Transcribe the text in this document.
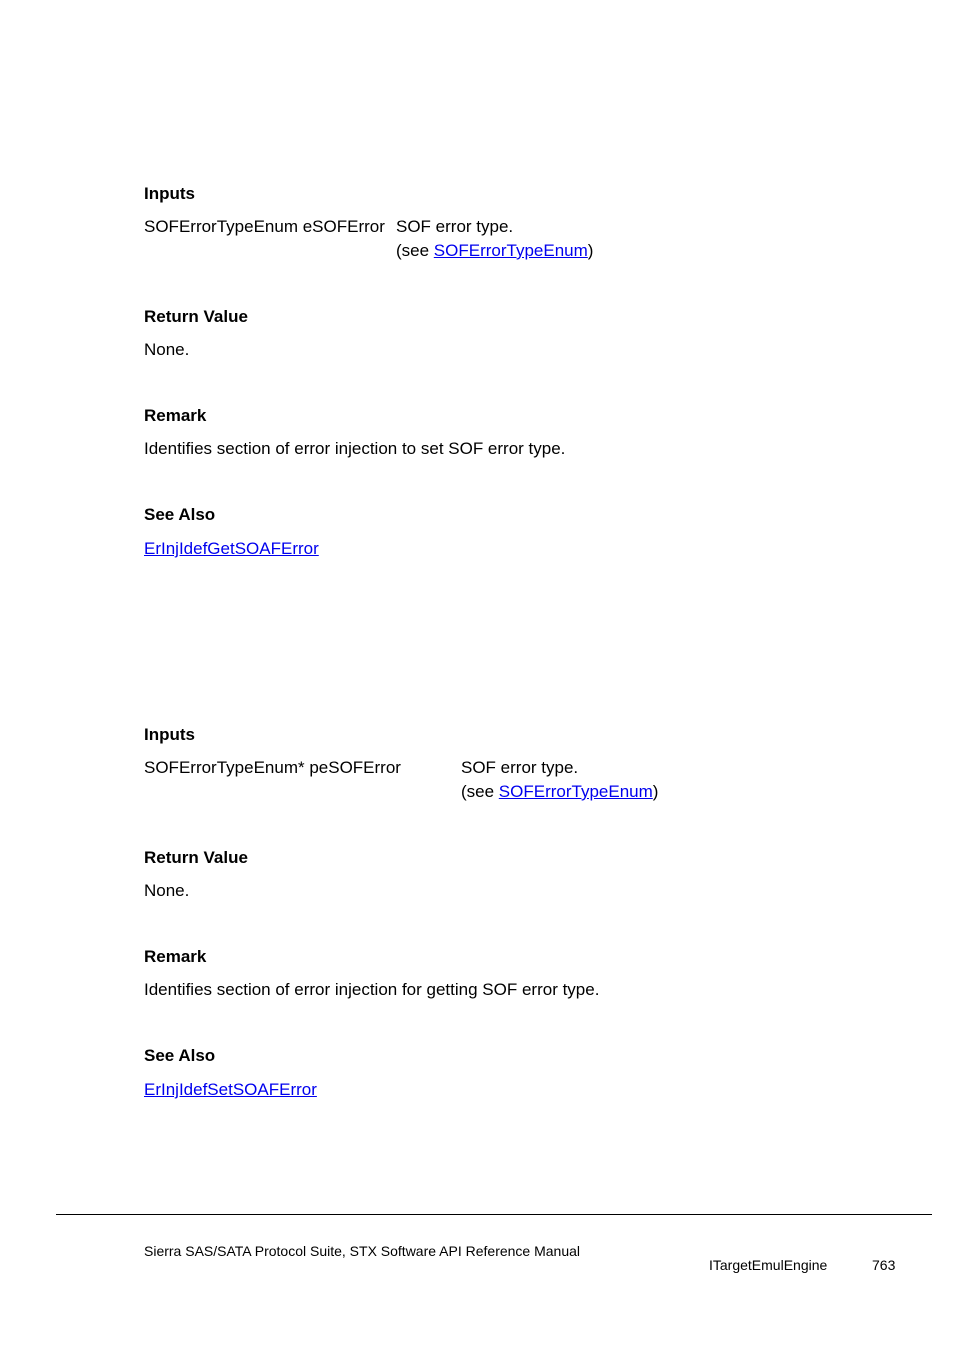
Inputs
SOFErrorTypeEnum eSOFError SOF error type.
(see SOFErrorTypeEnum)
Return Value
None.
Remark
Identifies section of error injection to set SOF error type.
See Also
ErInjIdefGetSOAFError
Inputs
SOFErrorTypeEnum* peSOFError	SOF error type.
(see SOFErrorTypeEnum)
Return Value
None.
Remark
Identifies section of error injection for getting SOF error type.
See Also
ErInjIdefSetSOAFError
Sierra SAS/SATA Protocol Suite, STX Software API Reference Manual
ITargetEmulEngine	763
